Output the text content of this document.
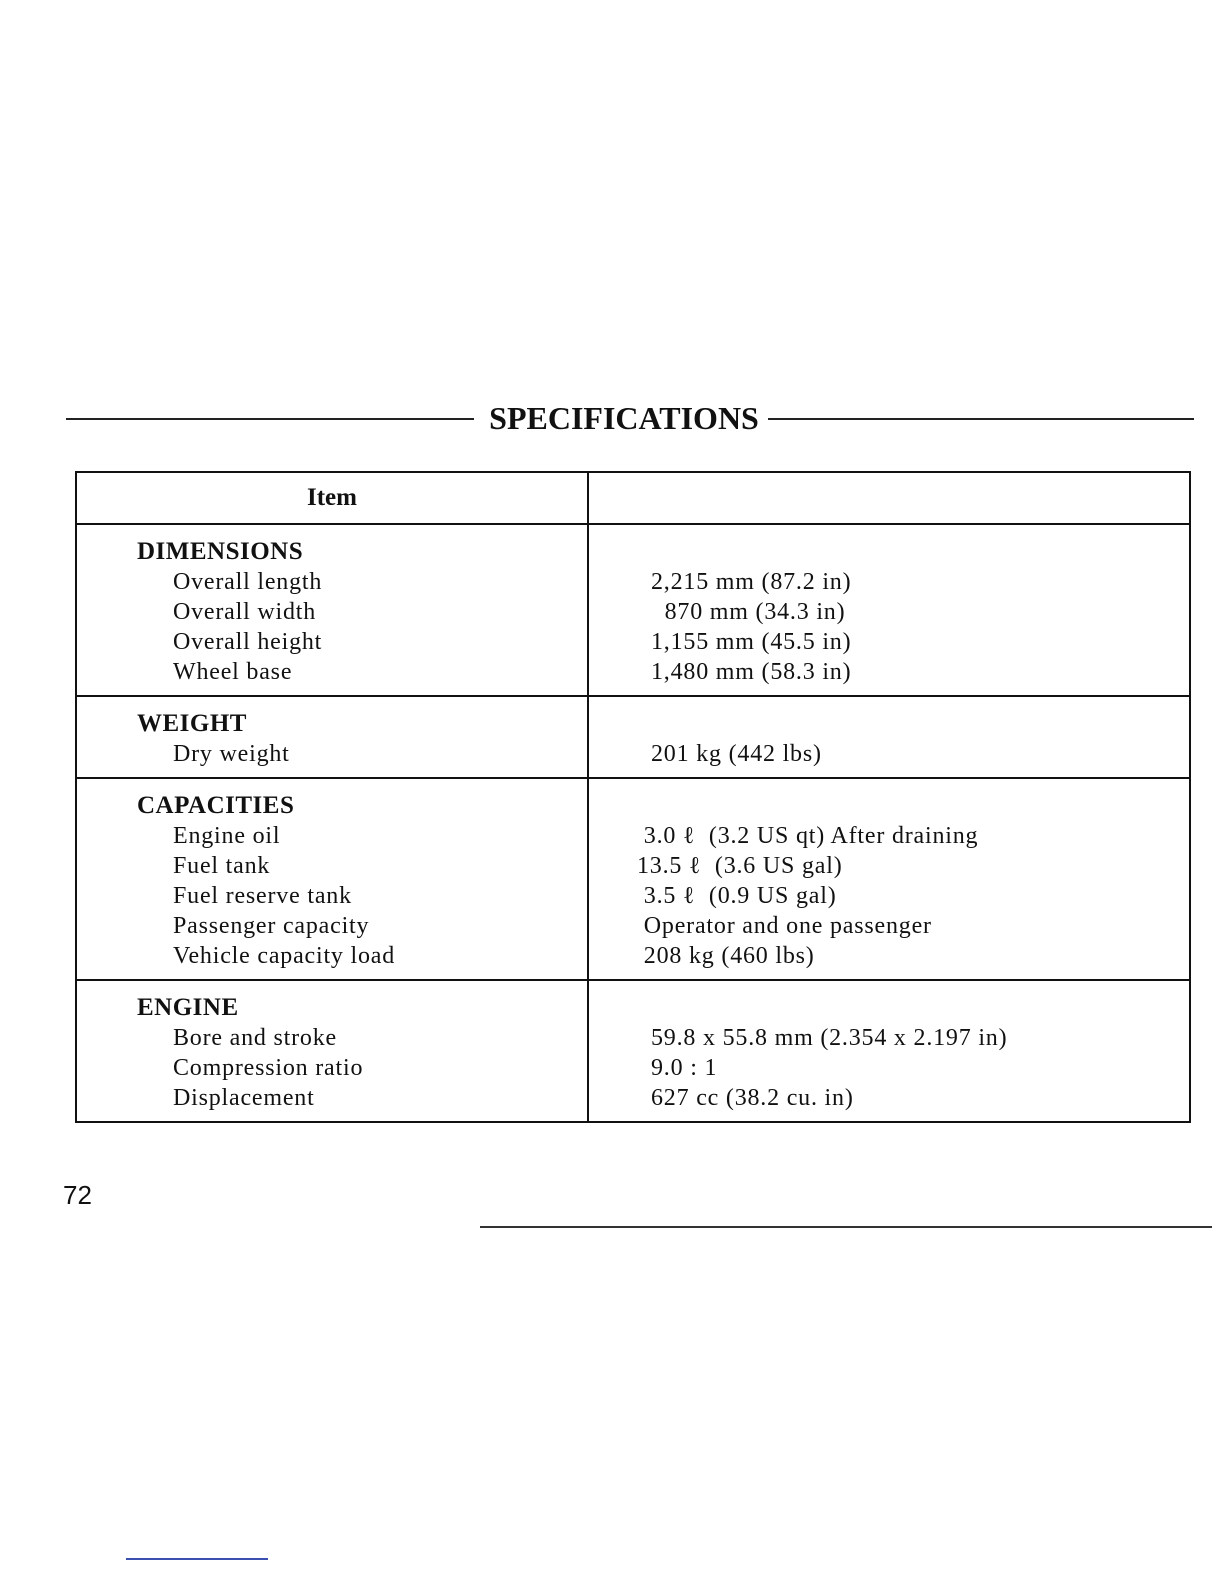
SPECIFICATIONS
Item
DIMENSIONS
Overall length
Overall width
Overall height
Wheel base
2,215 mm (87.2 in)
870 mm (34.3 in)
1,155 mm (45.5 in)
1,480 mm (58.3 in)
WEIGHT
Dry weight	201 kg (442 lbs)
CAPACITIES
Engine oil
Fuel tank
Fuel reserve tank
Passenger capacity
Vehicle capacity load
3.0 ℓ  (3.2 US qt) After draining
13.5 ℓ  (3.6 US gal)
3.5 ℓ  (0.9 US gal)
Operator and one passenger
208 kg (460 lbs)
ENGINE
Bore and stroke
Compression ratio
Displacement
59.8 x 55.8 mm (2.354 x 2.197 in)
9.0 : 1
627 cc (38.2 cu. in)
72
